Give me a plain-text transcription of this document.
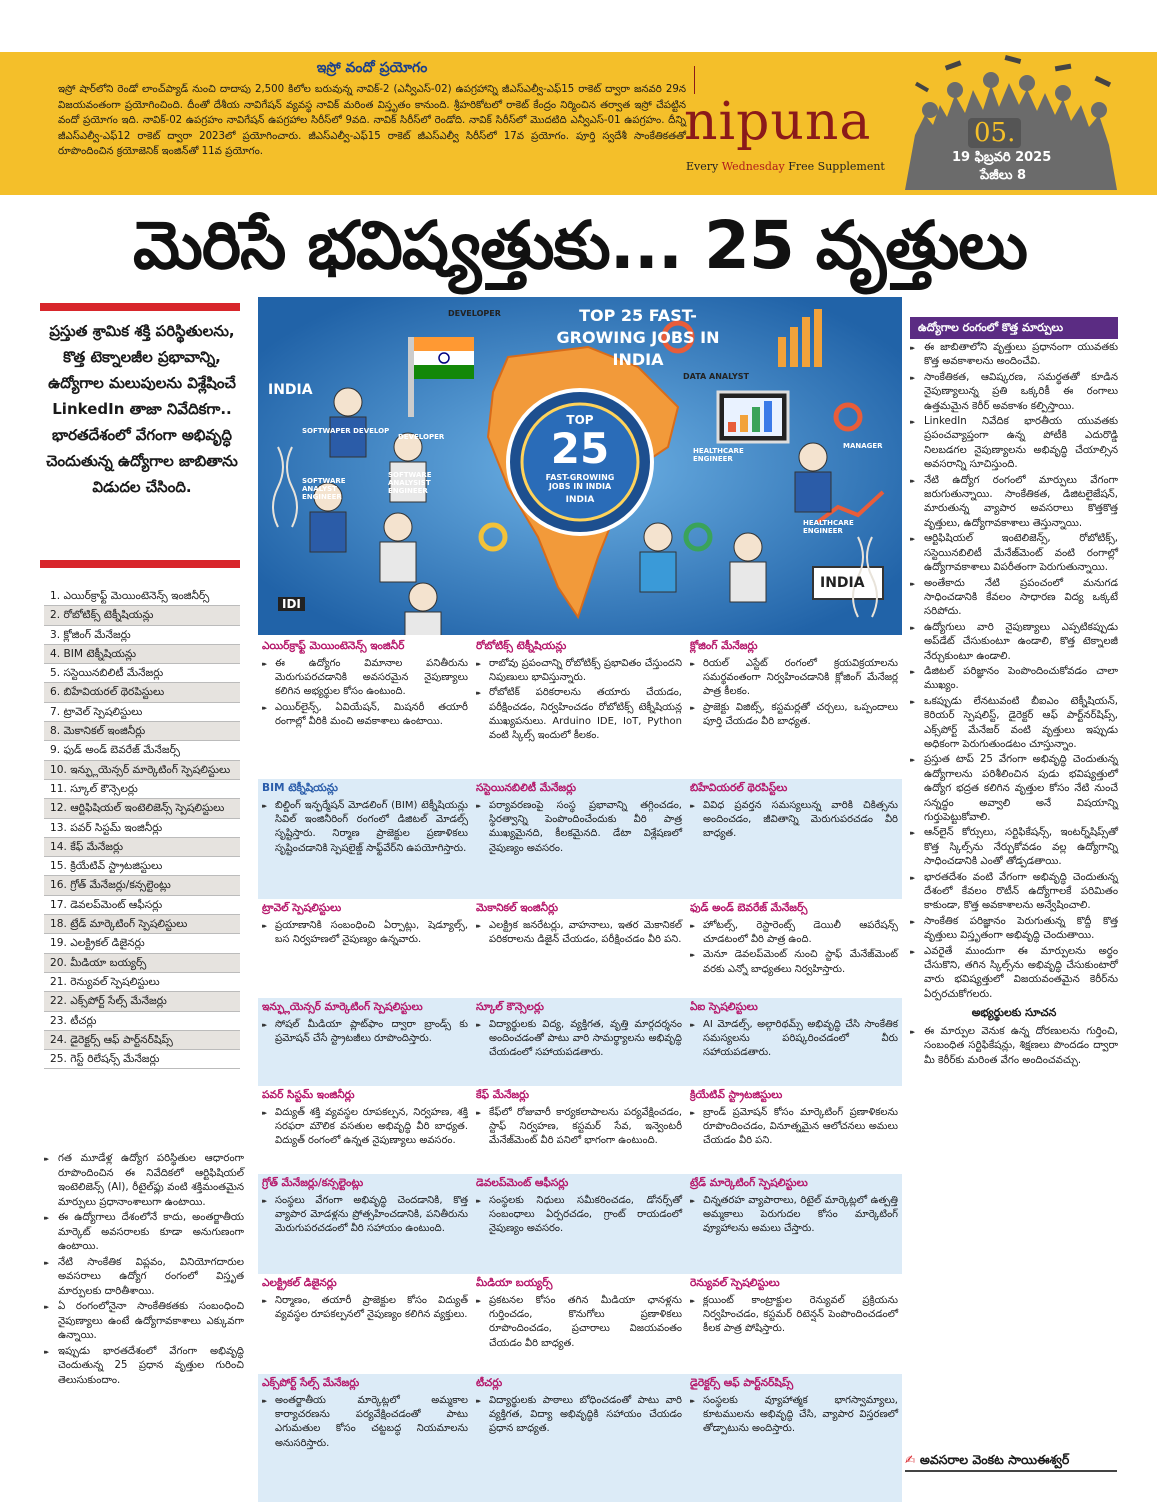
ఇస్రో వందో ప్రయోగం
ఇస్రో షార్‌లోని రెండో లాంచ్‌ప్యాడ్ నుంచి దాదాపు 2,500 కిలోల బరువున్న నావిక్-2 (ఎన్వీఎస్-02) ఉపగ్రహాన్ని జీఎస్ఎల్వీ-ఎఫ్15 రాకెట్ ద్వారా జనవరి 29న విజయవంతంగా ప్రయోగించింది. దీంతో దేశీయ నావిగేషన్ వ్యవస్థ నావిక్ మరింత విస్తృతం కానుంది. శ్రీహరికోటలో రాకెట్ కేంద్రం నిర్మించిన తర్వాత ఇస్రో చేపట్టిన వందో ప్రయోగం ఇది. నావిక్-02 ఉపగ్రహం నావిగేషన్ ఉపగ్రహాల సిరీస్‌లో 9వది. నావిక్ సిరీస్‌లో రెండోది. నావిక్ సిరీస్‌లో మొదటిది ఎన్వీఎస్-01 ఉపగ్రహం. దీన్ని జీఎస్ఎల్వీ-ఎఫ్12 రాకెట్ ద్వారా 2023లో ప్రయోగించారు. జీఎస్ఎల్వీ-ఎఫ్15 రాకెట్ జీఎస్ఎల్వీ సిరీస్‌లో 17వ ప్రయోగం. పూర్తి స్వదేశీ సాంకేతికతతో రూపొందించిన క్రయోజెనిక్ ఇంజిన్‌తో 11వ ప్రయోగం.	nipuna
Every Wednesday Free Supplement
05.
19 ఫిబ్రవరి 2025
పేజీలు 8
మెరిసే భవిష్యత్తుకు... 25 వృత్తులు
ప్రస్తుత శ్రామిక శక్తి పరిస్థితులను, కొత్త టెక్నాలజీల ప్రభావాన్ని, ఉద్యోగాల మలుపులను విశ్లేషించే LinkedIn తాజా నివేదికగా.. భారతదేశంలో వేగంగా అభివృద్ధి చెందుతున్న ఉద్యోగాల జాబితాను విడుదల చేసింది.
1. ఎయిర్‌క్రాఫ్ట్ మెయింటెనెన్స్ ఇంజినీర్స్
2. రోబోటిక్స్ టెక్నీషియన్లు
3. క్లోజింగ్ మేనేజర్లు
4. BIM టెక్నీషియన్లు
5. సస్టెయినబిలిటీ మేనేజర్లు
6. బిహేవియరల్ థెరపిస్టులు
7. ట్రావెల్ స్పెషలిస్టులు
8. మెకానికల్ ఇంజినీర్లు
9. ఫుడ్ అండ్ బెవరేజ్ మేనేజర్స్
10. ఇన్ఫ్లుయెన్సర్ మార్కెటింగ్ స్పెషలిస్టులు
11. స్కూల్ కౌన్సెలర్లు
12. ఆర్టిఫిషియల్ ఇంటెలిజెన్స్ స్పెషలిస్టులు
13. పవర్ సిస్టమ్ ఇంజినీర్లు
14. కేఫ్ మేనేజర్లు
15. క్రియేటివ్ స్ట్రాటజిస్టులు
16. గ్రోత్ మేనేజర్లు/కన్సల్టెంట్లు
17. డెవలప్‌మెంట్ ఆఫీసర్లు
18. ట్రేడ్ మార్కెటింగ్ స్పెషలిస్టులు
19. ఎలక్ట్రికల్ డిజైనర్లు
20. మీడియా బయ్యర్స్
21. రెన్యువల్ స్పెషలిస్టులు
22. ఎక్స్‌పోర్ట్ సేల్స్ మేనేజర్లు
23. టీచర్లు
24. డైరెక్టర్స్ ఆఫ్ పార్ట్‌నర్‌షిప్స్
25. గెస్ట్ రిలేషన్స్ మేనేజర్లు
▸▸ గత మూడేళ్ల ఉద్యోగ పరిస్థితుల ఆధారంగా రూపొందించిన ఈ నివేదికలో ఆర్టిఫిషియల్ ఇంటెలిజెన్స్ (AI), రీటైల్‌ఫ్లు వంటి శక్తిమంతమైన మార్పులు ప్రధానాంశాలుగా ఉంటాయి.
▸▸ ఈ ఉద్యోగాలు దేశంలోనే కాదు, అంతర్జాతీయ మార్కెట్ అవసరాలకు కూడా అనుగుణంగా ఉంటాయి.
▸▸ నేటి సాంకేతిక విప్లవం, వినియోగదారుల అవసరాలు ఉద్యోగ రంగంలో విస్తృత మార్పులకు దారితీశాయి.
▸▸ ఏ రంగంలోనైనా సాంకేతికతకు సంబంధించి నైపుణ్యాలు ఉంటే ఉద్యోగావకాశాలు ఎక్కువగా ఉన్నాయి.
▸▸ ఇప్పుడు భారతదేశంలో వేగంగా అభివృద్ధి చెందుతున్న 25 ప్రధాన వృత్తుల గురించి తెలుసుకుందాం.
TOP 25 FAST-GROWING JOBS IN INDIA
TOP
25
FAST-GROWING JOBS IN INDIA
INDIA
INDIA
INDIA
DEVELOPER
DATA ANALYST
SOFTWAPER DEVELOP
DEVELOPER
SOFTWARE ANALYST ENGINEER
SOFTWARE ANALYSIST ENGINEER
HEALTHCARE ENGINEER
HEALTHCARE ENGINEER
MANAGER
IDI
ఎయిర్‌క్రాఫ్ట్ మెయింటెనెన్స్ ఇంజినీర్
▸▸ ఈ ఉద్యోగం విమానాల పనితీరును మెరుగుపరచడానికి అవసరమైన నైపుణ్యాలు కలిగిన అభ్యర్థుల కోసం ఉంటుంది.
▸▸ ఎయిర్‌లైన్స్, ఏవియేషన్, మిషనరీ తయారీ రంగాల్లో వీరికి మంచి అవకాశాలు ఉంటాయి.
రోబోటిక్స్ టెక్నీషియన్లు
▸▸ రాబోవు ప్రపంచాన్ని రోబోటిక్స్ ప్రభావితం చేస్తుందని నిపుణులు భావిస్తున్నారు.
▸▸ రోబోటిక్ పరికరాలను తయారు చేయడం, పరీక్షించడం, నిర్వహించడం రోబోటిక్స్ టెక్నీషియన్ల ముఖ్యపనులు. Arduino IDE, IoT, Python వంటి స్కిల్స్ ఇందులో కీలకం.
క్లోజింగ్ మేనేజర్లు
▸▸ రియల్ ఎస్టేట్ రంగంలో క్రయవిక్రయాలను సమర్థవంతంగా నిర్వహించడానికి క్లోజింగ్ మేనేజర్ల పాత్ర కీలకం.
▸▸ ప్రాజెక్టు విజిట్స్, కస్టమర్లతో చర్చలు, ఒప్పందాలు పూర్తి చేయడం వీరి బాధ్యత.
BIM టెక్నీషియన్లు
▸▸ బిల్డింగ్ ఇన్ఫర్మేషన్ మోడలింగ్ (BIM) టెక్నీషియన్లు సివిల్ ఇంజినీరింగ్ రంగంలో డిజిటల్ మోడల్స్ సృష్టిస్తారు. నిర్మాణ ప్రాజెక్టుల ప్రణాళికలు సృష్టించడానికి స్పెషలైజ్డ్ సాఫ్ట్‌వేర్‌ని ఉపయోగిస్తారు.
సస్టెయినబిలిటీ మేనేజర్లు
▸▸ పర్యావరణంపై సంస్థ ప్రభావాన్ని తగ్గించడం, స్థిరత్వాన్ని పెంపొందించేందుకు వీరి పాత్ర ముఖ్యమైనది, కీలకమైనది. డేటా విశ్లేషణలో నైపుణ్యం అవసరం.
బిహేవియరల్ థెరపిస్ట్‌లు
▸▸ వివిధ ప్రవర్తన సమస్యలున్న వారికి చికిత్సను అందించడం, జీవితాన్ని మెరుగుపరచడం వీరి బాధ్యత.
ట్రావెల్ స్పెషలిస్టులు
▸▸ ప్రయాణానికి సంబంధించి ఏర్పాట్లు, షెడ్యూల్స్, బస నిర్వహణలో నైపుణ్యం ఉన్నవారు.
మెకానికల్ ఇంజినీర్లు
▸▸ ఎలక్ట్రిక జనరేటర్లు, వాహనాలు, ఇతర మెకానికల్ పరికరాలను డిజైన్ చేయడం, పరీక్షించడం వీరి పని.
ఫుడ్ అండ్ బెవరేజ్ మేనేజర్స్
▸▸ హోటల్స్, రెస్టారెంట్స్ డెయిలీ ఆపరేషన్స్ చూడటంలో వీరి పాత్ర ఉంది.
▸▸ మెనూ డెవలప్‌మెంట్ నుంచి స్టాఫ్ మేనేజ్‌మెంట్ వరకు ఎన్నో బాధ్యతలు నిర్వహిస్తారు.
ఇన్ఫ్లుయెన్సర్ మార్కెటింగ్ స్పెషలిస్టులు
▸▸ సోషల్ మీడియా ప్లాట్‌ఫాం ద్వారా బ్రాండ్స్ కు ప్రమోషన్ చేసే స్ట్రాటజీలు రూపొందిస్తారు.
స్కూల్ కౌన్సెలర్లు
▸▸ విద్యార్థులకు విద్య, వ్యక్తిగత, వృత్తి మార్గదర్శనం అందించడంతో పాటు వారి సామర్థ్యాలను అభివృద్ధి చేయడంలో సహాయపడతారు.
ఏఐ స్పెషలిస్టులు
▸▸ AI మోడల్స్, అల్గారిథమ్స్ అభివృద్ధి చేసి సాంకేతిక సమస్యలను పరిష్కరించడంలో వీరు సహాయపడతారు.
పవర్ సిస్టమ్ ఇంజినీర్లు
▸▸ విద్యుత్ శక్తి వ్యవస్థల రూపకల్పన, నిర్వహణ, శక్తి సరఫరా మౌలిక వసతుల అభివృద్ధి వీరి బాధ్యత. విద్యుత్ రంగంలో ఉన్నత నైపుణ్యాలు అవసరం.
కేఫ్ మేనేజర్లు
▸▸ కేఫ్‌లో రోజువారీ కార్యకలాపాలను పర్యవేక్షించడం, స్టాఫ్ నిర్వహణ, కస్టమర్ సేవ, ఇన్వెంటరీ మేనేజ్‌మెంట్ వీరి పనిలో భాగంగా ఉంటుంది.
క్రియేటివ్ స్ట్రాటజిస్టులు
▸▸ బ్రాండ్ ప్రమోషన్ కోసం మార్కెటింగ్ ప్రణాళికలను రూపొందించడం, వినూత్నమైన ఆలోచనలు అమలు చేయడం వీరి పని.
గ్రోత్ మేనేజర్లు/కన్సల్టెంట్లు
▸▸ సంస్థలు వేగంగా అభివృద్ధి చెందడానికి, కొత్త వ్యాపార మోడళ్లను ప్రోత్సహించడానికి, పనితీరును మెరుగుపరచడంలో వీరి సహాయం ఉంటుంది.
డెవలప్‌మెంట్ ఆఫీసర్లు
▸▸ సంస్థలకు నిధులు సమీకరించడం, డోనర్స్‌తో సంబంధాలు ఏర్పరచడం, గ్రాంట్ రాయడంలో నైపుణ్యం అవసరం.
ట్రేడ్ మార్కెటింగ్ స్పెషలిస్టులు
▸▸ చిన్నతరహ వ్యాపారాలు, రిటైల్ మార్కెట్లలో ఉత్పత్తి అమ్మకాలు పెరుగుదల కోసం మార్కెటింగ్ వ్యూహాలను అమలు చేస్తారు.
ఎలక్ట్రికల్ డిజైనర్లు
▸▸ నిర్మాణం, తయారీ ప్రాజెక్టుల కోసం విద్యుత్ వ్యవస్థల రూపకల్పనలో నైపుణ్యం కలిగిన వ్యక్తులు.
మీడియా బయ్యర్స్
▸▸ ప్రకటనల కోసం తగిన మీడియా ఛానళ్లను గుర్తించడం, కొనుగోలు ప్రణాళికలు రూపొందించడం, ప్రచారాలు విజయవంతం చేయడం వీరి బాధ్యత.
రెన్యువల్ స్పెషలిస్టులు
▸▸ క్లయింట్ కాంట్రాక్టుల రెన్యువల్ ప్రక్రియను నిర్వహించడం, కస్టమర్ రిటెన్షన్ పెంపొందించడంలో కీలక పాత్ర పోషిస్తారు.
ఎక్స్‌పోర్ట్ సేల్స్ మేనేజర్లు
▸▸ అంతర్జాతీయ మార్కెట్లలో అమ్మకాల కార్యాచరణను పర్యవేక్షించడంతో పాటు ఎగుమతుల కోసం చట్టబద్ధ నియమాలను అనుసరిస్తారు.
టీచర్లు
▸▸ విద్యార్థులకు పాఠాలు బోధించడంతో పాటు వారి వ్యక్తిగత, విద్యా అభివృద్ధికి సహాయం చేయడం ప్రధాన బాధ్యత.
డైరెక్టర్స్ ఆఫ్ పార్ట్‌నర్‌షిప్స్
▸▸ సంస్థలకు వ్యూహాత్మక భాగస్వామ్యాలు, కూటములను అభివృద్ధి చేసి, వ్యాపార విస్తరణలో తోడ్పాటును అందిస్తారు.
ఉద్యోగాల రంగంలో కొత్త మార్పులు
▸▸ ఈ జాబితాలోని వృత్తులు ప్రధానంగా యువతకు కొత్త అవకాశాలను అందించేవి.
▸▸ సాంకేతికత, ఆవిష్కరణ, సమర్థతతో కూడిన నైపుణ్యాలున్న ప్రతి ఒక్కరికీ ఈ రంగాలు ఉత్తమమైన కెరీర్ అవకాశం కల్పిస్తాయి.
▸▸ LinkedIn నివేదిక భారతీయ యువతకు ప్రపంచవ్యాప్తంగా ఉన్న పోటీకి ఎదురొడ్డి నిలబడగల నైపుణ్యాలను అభివృద్ధి చేయాల్సిన అవసరాన్ని సూచిస్తుంది.
▸▸ నేటి ఉద్యోగ రంగంలో మార్పులు వేగంగా జరుగుతున్నాయి. సాంకేతికత, డిజిటలైజేషన్, మారుతున్న వ్యాపార అవసరాలు కొత్తకొత్త వృత్తులు, ఉద్యోగావకాశాలు తెస్తున్నాయి.
▸▸ ఆర్టిఫిషియల్ ఇంటెలిజెన్స్, రోబోటిక్స్, సస్టెయినబిలిటీ మేనేజ్‌మెంట్ వంటి రంగాల్లో ఉద్యోగావకాశాలు విపరీతంగా పెరుగుతున్నాయి.
▸▸ అంతేకాదు నేటి ప్రపంచంలో మనుగడ సాధించడానికి కేవలం సాధారణ విద్య ఒక్కటే సరిపోదు.
▸▸ ఉద్యోగులు వారి నైపుణ్యాలు ఎప్పటికప్పుడు అప్‌డేట్ చేసుకుంటూ ఉండాలి, కొత్త టెక్నాలజీ నేర్చుకుంటూ ఉండాలి.
▸▸ డిజిటల్ పరిజ్ఞానం పెంపొందించుకోవడం చాలా ముఖ్యం.
▸▸ ఒకప్పుడు లేనటువంటి బీఐఎం టెక్నీషియన్, కెరియర్ స్పెషలిస్ట్, డైరెక్టర్ ఆఫ్ పార్ట్‌నర్‌షిప్స్, ఎక్స్‌పోర్ట్ మేనేజర్ వంటి వృత్తులు ఇప్పుడు అధికంగా పెరుగుతుండటం చూస్తున్నాం.
▸▸ ప్రస్తుత టాప్ 25 వేగంగా అభివృద్ధి చెందుతున్న ఉద్యోగాలను పరిశీలించిన పుడు భవిష్యత్తులో ఉద్యోగ భద్రత కలిగిన వృత్తుల కోసం నేటి నుంచే సన్నద్ధం అవ్వాలి అనే విషయాన్ని గుర్తుపెట్టుకోవాలి.
▸▸ ఆన్‌లైన్ కోర్సులు, సర్టిఫికేషన్స్, ఇంటర్న్‌షిప్స్‌తో కొత్త స్కిల్స్‌ను నేర్చుకోవడం వల్ల ఉద్యోగాన్ని సాధించడానికి ఎంతో తోడ్పడతాయి.
▸▸ భారతదేశం వంటి వేగంగా అభివృద్ధి చెందుతున్న దేశంలో కేవలం రొటీన్ ఉద్యోగాలకే పరిమితం కాకుండా, కొత్త అవకాశాలను అన్వేషించాలి.
▸▸ సాంకేతిక పరిజ్ఞానం పెరుగుతున్న కొద్దీ కొత్త వృత్తులు విస్తృతంగా అభివృద్ధి చెందుతాయి.
▸▸ ఎవరైతే ముందుగా ఈ మార్పులను అర్థం చేసుకొని, తగిన స్కిల్స్‌ను అభివృద్ధి చేసుకుంటారో వారు భవిష్యత్తులో విజయవంతమైన కెరీర్‌ను ఏర్పరచుకోగలరు.
అభ్యర్థులకు సూచన
▸▸ ఈ మార్పుల వెనుక ఉన్న దోరణులను గుర్తించి, సంబంధిత సర్టిఫికేషన్లు, శిక్షణలు పొందడం ద్వారా మీ కెరీర్‌కు మరింత వేగం అందించవచ్చు.
✍ అవసరాల వెంకట సాయిఈశ్వర్
